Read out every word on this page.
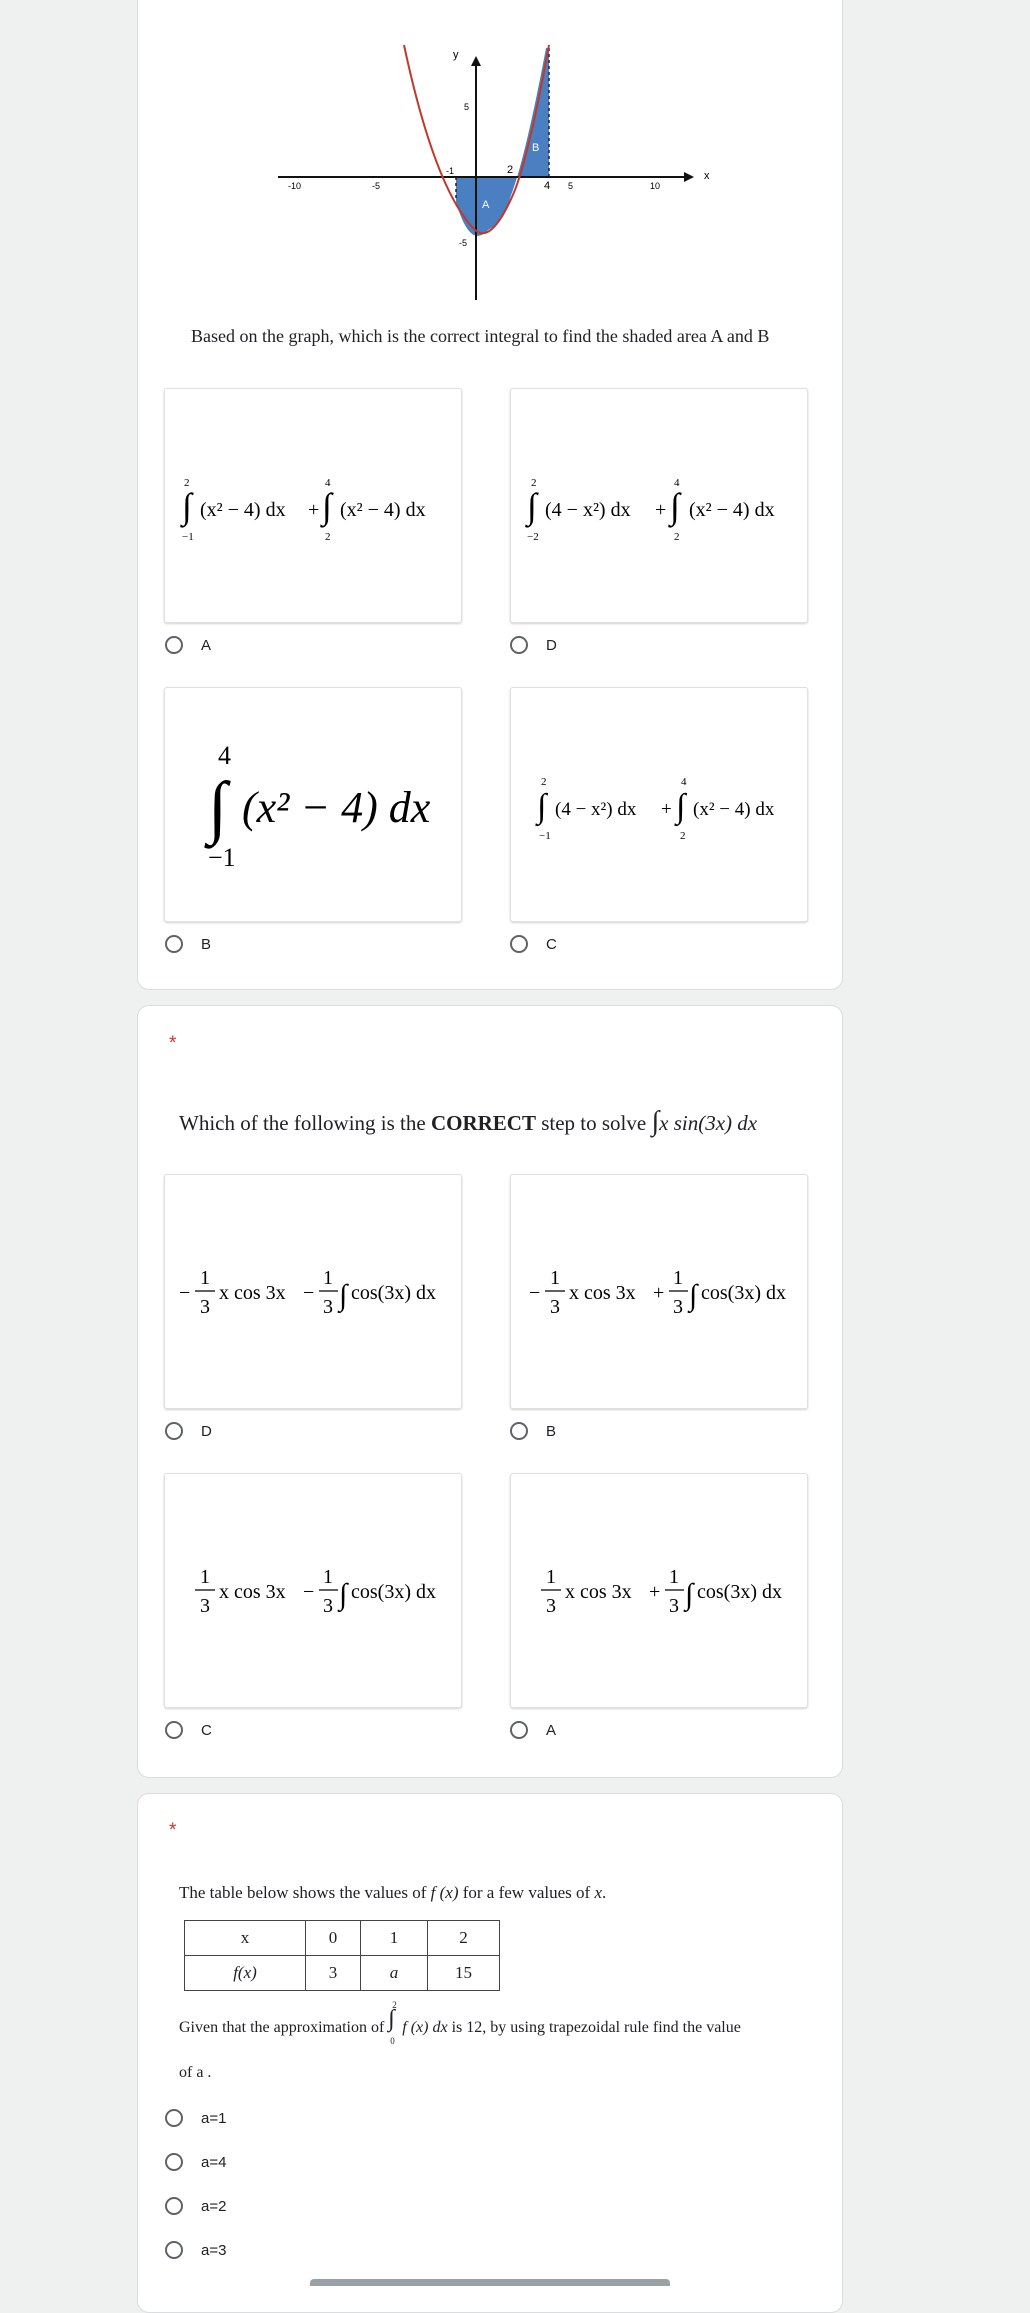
x
y
-10	-5
-1	2
4 5	10
5
-5
A
B
Based on the graph, which is the correct integral to find the shaded area A and B
2
∫
−1
(x² − 4) dx +
4
∫
2
(x² − 4) dx
A
2
∫
−2
(4 − x²) dx +
4
∫
2
(x² − 4) dx
D
4
∫
−1
(x² − 4) dx
B
2
∫
−1
(4 − x²) dx +
4
∫
2
(x² − 4) dx
C
*
Which of the following is the CORRECT step to solve ∫x sin(3x) dx
−
1
3
x cos 3x −
1
3 ∫ cos(3x) dx
D
−
1
3
x cos 3x +
1
3 ∫ cos(3x) dx
B
1
3
x cos 3x −
1
3 ∫ cos(3x) dx
C
1
3
x cos 3x +
1
3 ∫ cos(3x) dx
A
*
The table below shows the values of f (x) for a few values of x.
x	0	1	2
f(x)	3	a	15
Given that the approximation of
2
∫
0
f (x) dx is 12, by using trapezoidal rule find the value
of a .
a=1
a=4
a=2
a=3
